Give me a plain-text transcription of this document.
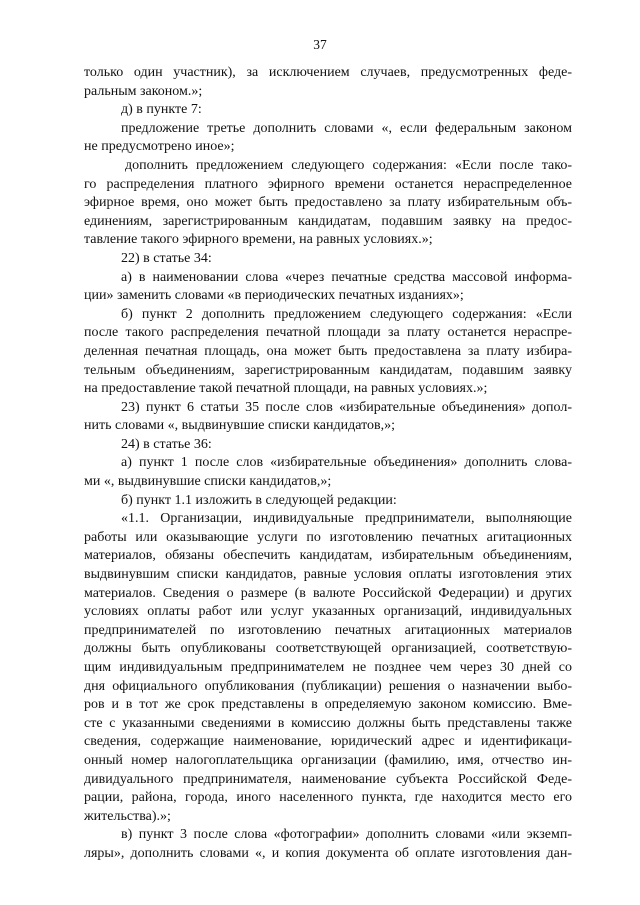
37
только один участник), за исключением случаев, предусмотренных феде-
ральным законом.»;
д) в пункте 7:
предложение третье дополнить словами «, если федеральным законом
не предусмотрено иное»;
дополнить предложением следующего содержания: «Если после тако-
го распределения платного эфирного времени останется нераспределенное
эфирное время, оно может быть предоставлено за плату избирательным объ-
единениям, зарегистрированным кандидатам, подавшим заявку на предос-
тавление такого эфирного времени, на равных условиях.»;
22) в статье 34:
а) в наименовании слова «через печатные средства массовой информа-
ции» заменить словами «в периодических печатных изданиях»;
б) пункт 2 дополнить предложением следующего содержания: «Если
после такого распределения печатной площади за плату останется нераспре-
деленная печатная площадь, она может быть предоставлена за плату избира-
тельным объединениям, зарегистрированным кандидатам, подавшим заявку
на предоставление такой печатной площади, на равных условиях.»;
23) пункт 6 статьи 35 после слов «избирательные объединения» допол-
нить словами «, выдвинувшие списки кандидатов,»;
24) в статье 36:
а) пункт 1 после слов «избирательные объединения» дополнить слова-
ми «, выдвинувшие списки кандидатов,»;
б) пункт 1.1 изложить в следующей редакции:
«1.1. Организации, индивидуальные предприниматели, выполняющие
работы или оказывающие услуги по изготовлению печатных агитационных
материалов, обязаны обеспечить кандидатам, избирательным объединениям,
выдвинувшим списки кандидатов, равные условия оплаты изготовления этих
материалов. Сведения о размере (в валюте Российской Федерации) и других
условиях оплаты работ или услуг указанных организаций, индивидуальных
предпринимателей по изготовлению печатных агитационных материалов
должны быть опубликованы соответствующей организацией, соответствую-
щим индивидуальным предпринимателем не позднее чем через 30 дней со
дня официального опубликования (публикации) решения о назначении выбо-
ров и в тот же срок представлены в определяемую законом комиссию. Вме-
сте с указанными сведениями в комиссию должны быть представлены также
сведения, содержащие наименование, юридический адрес и идентификаци-
онный номер налогоплательщика организации (фамилию, имя, отчество ин-
дивидуального предпринимателя, наименование субъекта Российской Феде-
рации, района, города, иного населенного пункта, где находится место его
жительства).»;
в) пункт 3 после слова «фотографии» дополнить словами «или экземп-
ляры», дополнить словами «, и копия документа об оплате изготовления дан-
